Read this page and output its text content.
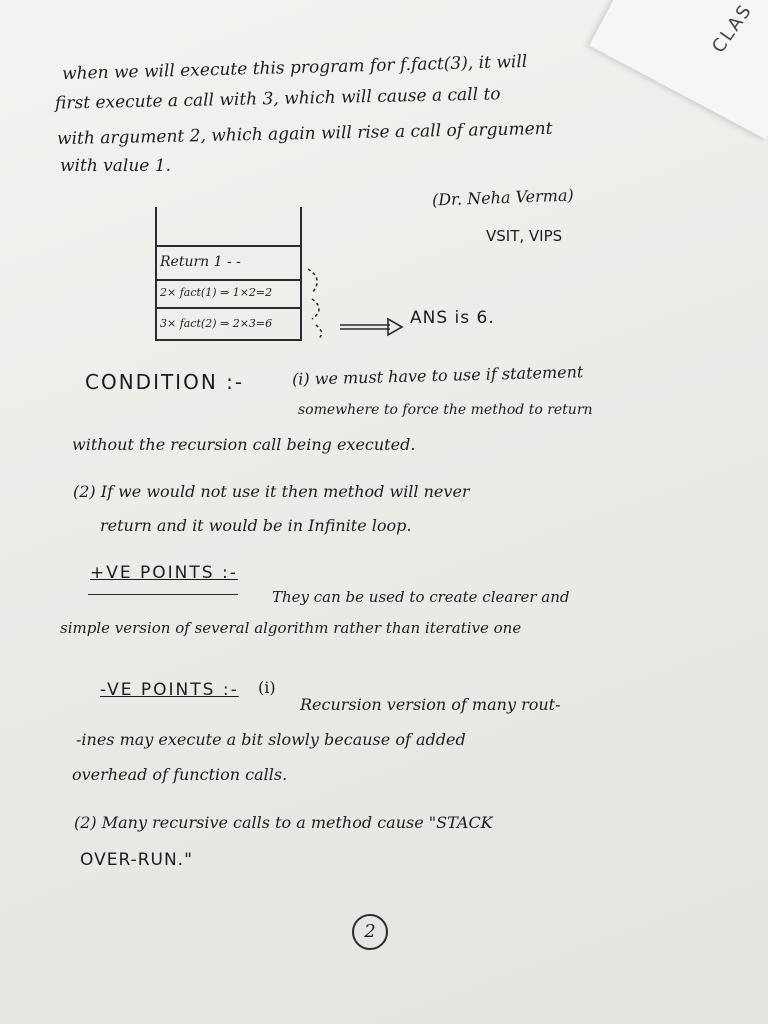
CLAS
when we will execute this program for f.fact(3), it will
first execute a call with 3, which will cause a call to
with argument 2, which again will rise a call of argument
with value 1.
(Dr. Neha Verma)
VSIT, VIPS
Return 1 - -
2× fact(1) ⇒ 1×2=2
3× fact(2) ⇒ 2×3=6	ANS is 6.
CONDITION :-	(i) we must have to use if statement
somewhere to force the method to return
without the recursion call being executed.
(2) If we would not use it then method will never
return and it would be in Infinite loop.
+VE POINTS :-
They can be used to create clearer and
simple version of several algorithm rather than iterative one
-VE POINTS :- (i)
Recursion version of many rout-
-ines may execute a bit slowly because of added
overhead of function calls.
(2) Many recursive calls to a method cause "STACK
OVER-RUN."
2
